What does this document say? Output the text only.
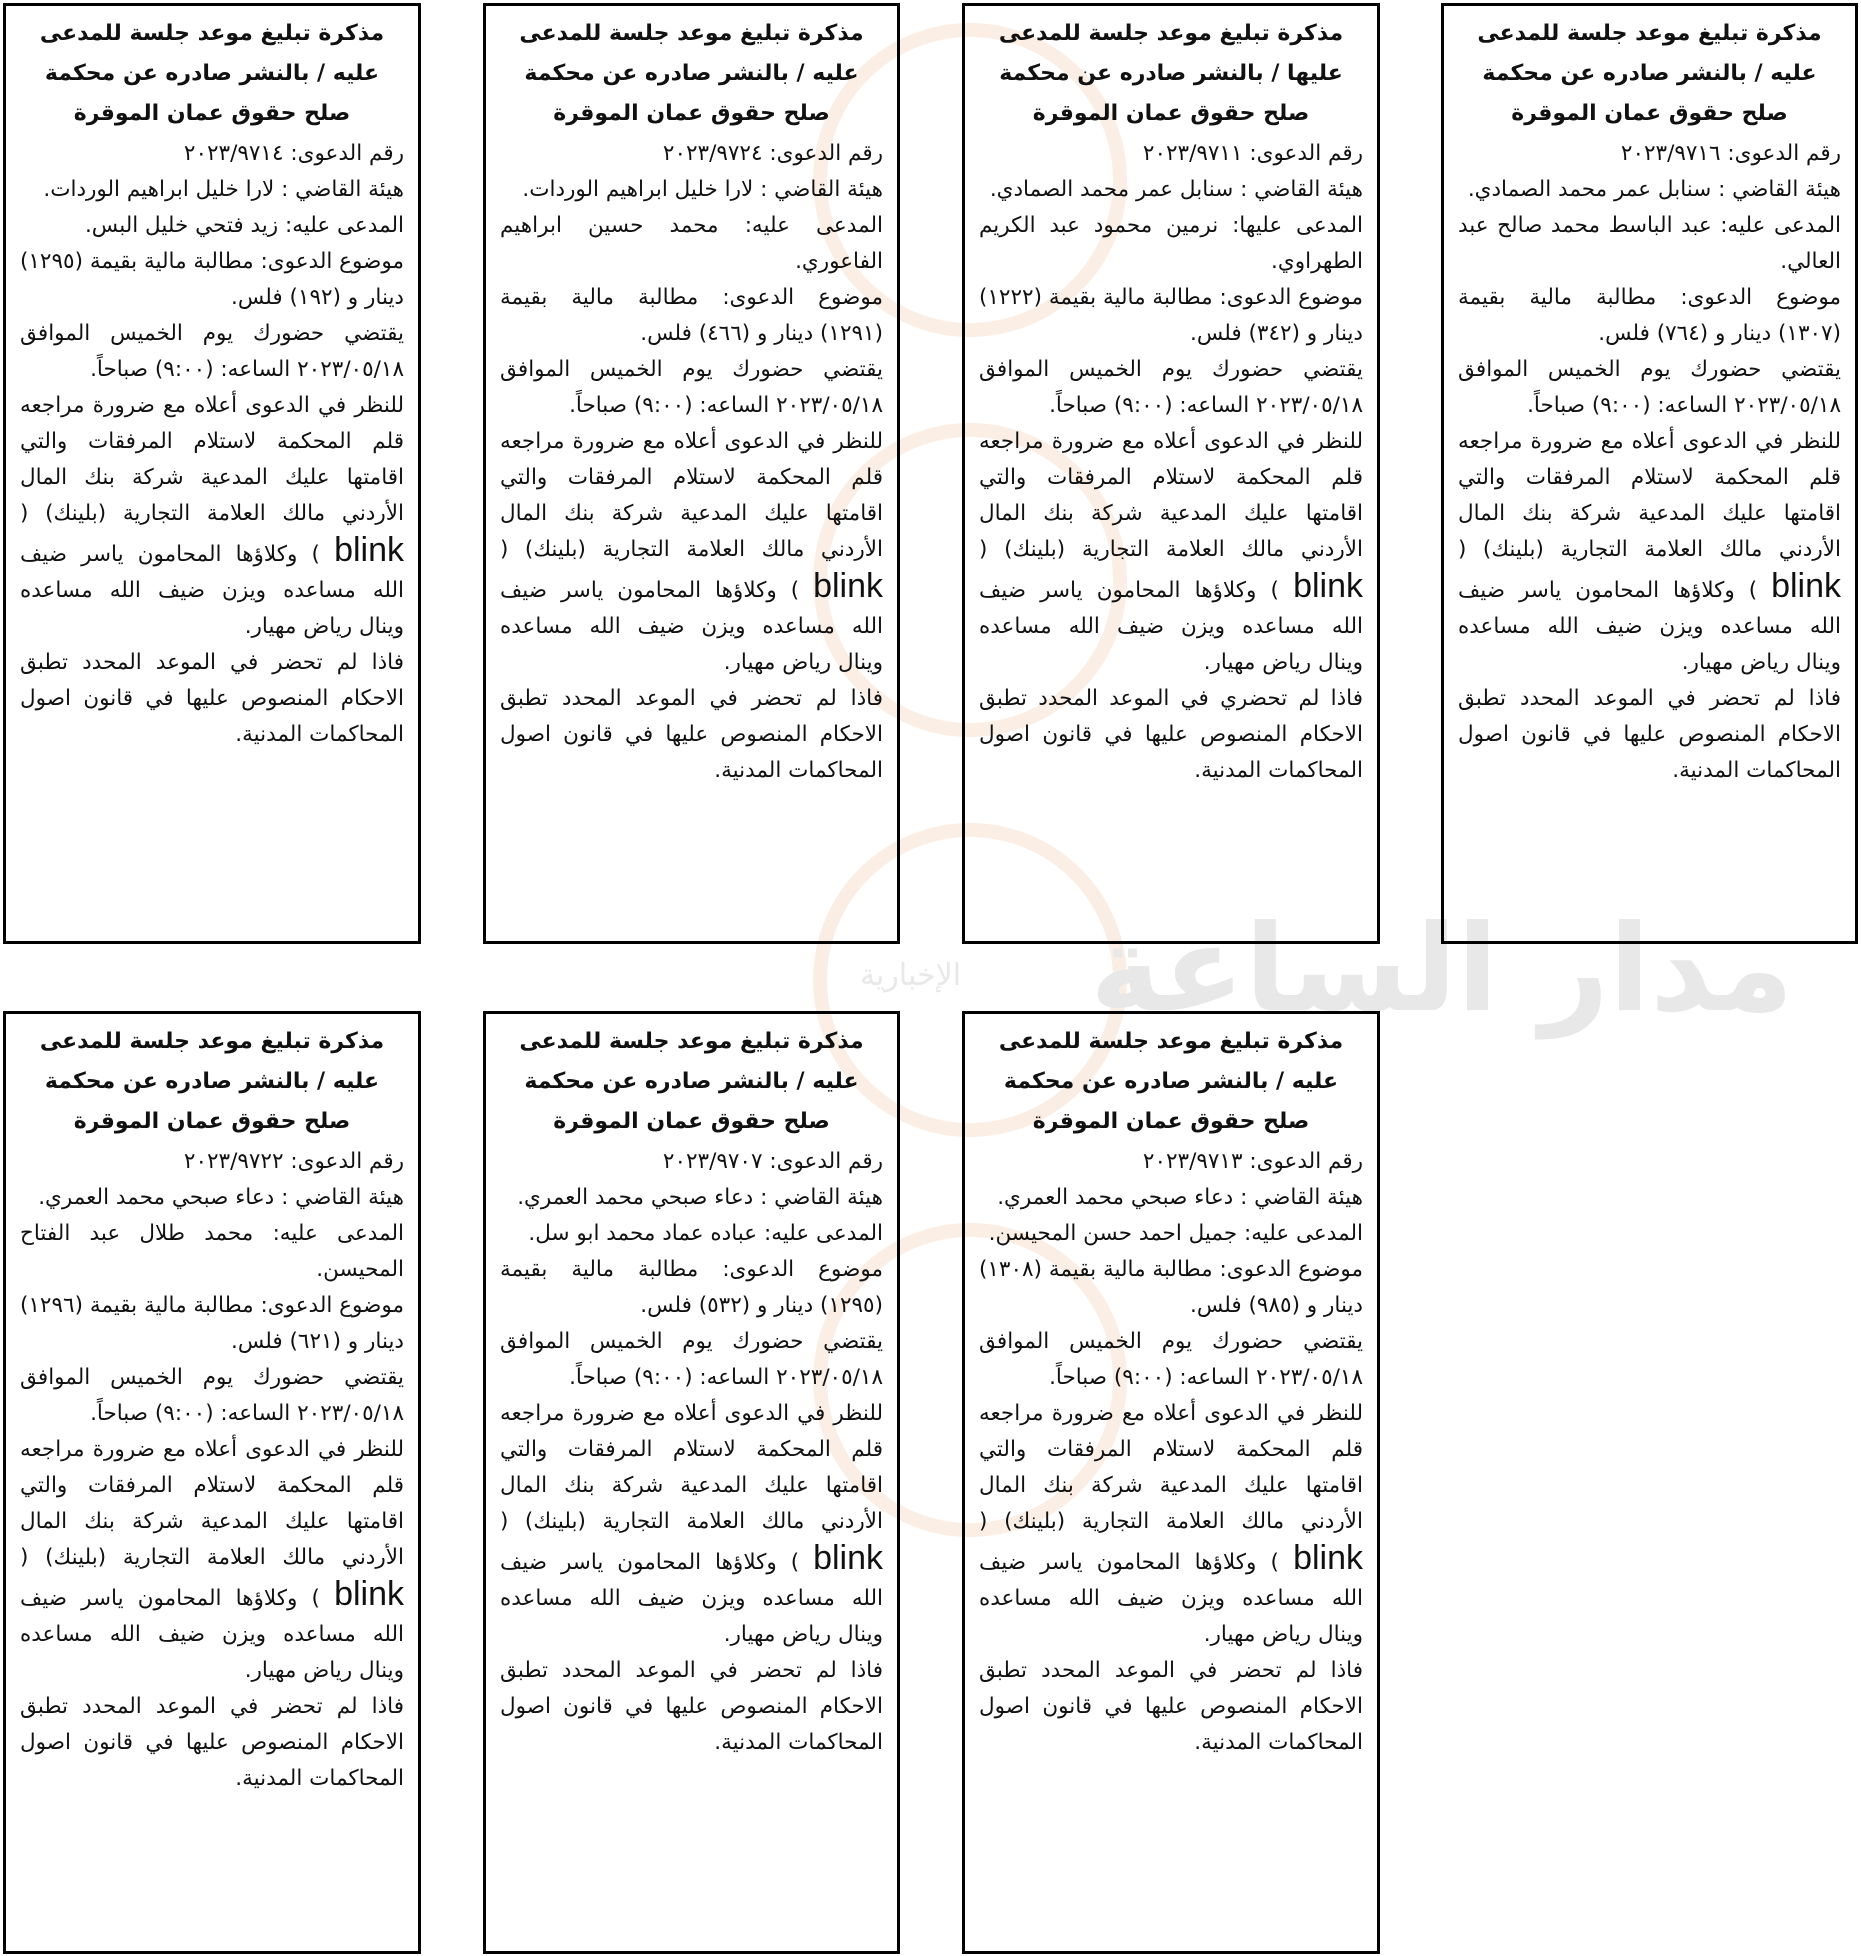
مدار الساعة
الإخبارية
مذكرة تبليغ موعد جلسة للمدعى عليه / بالنشر صادره عن محكمة صلح حقوق عمان الموقرة

رقم الدعوى: ٢٠٢٣/٩٧١٦

هيئة القاضي : سنابل عمر محمد الصمادي.

المدعى عليه: عبد الباسط محمد صالح عبد العالي.

موضوع الدعوى: مطالبة مالية بقيمة (١٣٠٧) دينار و (٧٦٤) فلس.

يقتضي حضورك يوم الخميس الموافق ٢٠٢٣/٠٥/١٨ الساعه: (٩:٠٠) صباحاً.

للنظر في الدعوى أعلاه مع ضرورة مراجعه قلم المحكمة لاستلام المرفقات والتي اقامتها عليك المدعية شركة بنك المال الأردني مالك العلامة التجارية (بلينك) ( blink ) وكلاؤها المحامون ياسر ضيف الله مساعده ويزن ضيف الله مساعده وينال رياض مهيار.

فاذا لم تحضر في الموعد المحدد تطبق الاحكام المنصوص عليها في قانون اصول المحاكمات المدنية.

مذكرة تبليغ موعد جلسة للمدعى عليها / بالنشر صادره عن محكمة صلح حقوق عمان الموقرة

رقم الدعوى: ٢٠٢٣/٩٧١١

هيئة القاضي : سنابل عمر محمد الصمادي.

المدعى عليها: نرمين محمود عبد الكريم الطهراوي.

موضوع الدعوى: مطالبة مالية بقيمة (١٢٢٢) دينار و (٣٤٢) فلس.

يقتضي حضورك يوم الخميس الموافق ٢٠٢٣/٠٥/١٨ الساعه: (٩:٠٠) صباحاً.

للنظر في الدعوى أعلاه مع ضرورة مراجعه قلم المحكمة لاستلام المرفقات والتي اقامتها عليك المدعية شركة بنك المال الأردني مالك العلامة التجارية (بلينك) ( blink ) وكلاؤها المحامون ياسر ضيف الله مساعده ويزن ضيف الله مساعده وينال رياض مهيار.

فاذا لم تحضري في الموعد المحدد تطبق الاحكام المنصوص عليها في قانون اصول المحاكمات المدنية.

مذكرة تبليغ موعد جلسة للمدعى عليه / بالنشر صادره عن محكمة صلح حقوق عمان الموقرة

رقم الدعوى: ٢٠٢٣/٩٧٢٤

هيئة القاضي : لارا خليل ابراهيم الوردات.

المدعى عليه: محمد حسين ابراهيم الفاعوري.

موضوع الدعوى: مطالبة مالية بقيمة (١٢٩١) دينار و (٤٦٦) فلس.

يقتضي حضورك يوم الخميس الموافق ٢٠٢٣/٠٥/١٨ الساعه: (٩:٠٠) صباحاً.

للنظر في الدعوى أعلاه مع ضرورة مراجعه قلم المحكمة لاستلام المرفقات والتي اقامتها عليك المدعية شركة بنك المال الأردني مالك العلامة التجارية (بلينك) ( blink ) وكلاؤها المحامون ياسر ضيف الله مساعده ويزن ضيف الله مساعده وينال رياض مهيار.

فاذا لم تحضر في الموعد المحدد تطبق الاحكام المنصوص عليها في قانون اصول المحاكمات المدنية.

مذكرة تبليغ موعد جلسة للمدعى عليه / بالنشر صادره عن محكمة صلح حقوق عمان الموقرة

رقم الدعوى: ٢٠٢٣/٩٧١٤

هيئة القاضي : لارا خليل ابراهيم الوردات.

المدعى عليه: زيد فتحي خليل البس.

موضوع الدعوى: مطالبة مالية بقيمة (١٢٩٥) دينار و (١٩٢) فلس.

يقتضي حضورك يوم الخميس الموافق ٢٠٢٣/٠٥/١٨ الساعه: (٩:٠٠) صباحاً.

للنظر في الدعوى أعلاه مع ضرورة مراجعه قلم المحكمة لاستلام المرفقات والتي اقامتها عليك المدعية شركة بنك المال الأردني مالك العلامة التجارية (بلينك) ( blink ) وكلاؤها المحامون ياسر ضيف الله مساعده ويزن ضيف الله مساعده وينال رياض مهيار.

فاذا لم تحضر في الموعد المحدد تطبق الاحكام المنصوص عليها في قانون اصول المحاكمات المدنية.

مذكرة تبليغ موعد جلسة للمدعى عليه / بالنشر صادره عن محكمة صلح حقوق عمان الموقرة

رقم الدعوى: ٢٠٢٣/٩٧١٣

هيئة القاضي : دعاء صبحي محمد العمري.

المدعى عليه: جميل احمد حسن المحيسن.

موضوع الدعوى: مطالبة مالية بقيمة (١٣٠٨) دينار و (٩٨٥) فلس.

يقتضي حضورك يوم الخميس الموافق ٢٠٢٣/٠٥/١٨ الساعه: (٩:٠٠) صباحاً.

للنظر في الدعوى أعلاه مع ضرورة مراجعه قلم المحكمة لاستلام المرفقات والتي اقامتها عليك المدعية شركة بنك المال الأردني مالك العلامة التجارية (بلينك) ( blink ) وكلاؤها المحامون ياسر ضيف الله مساعده ويزن ضيف الله مساعده وينال رياض مهيار.

فاذا لم تحضر في الموعد المحدد تطبق الاحكام المنصوص عليها في قانون اصول المحاكمات المدنية.

مذكرة تبليغ موعد جلسة للمدعى عليه / بالنشر صادره عن محكمة صلح حقوق عمان الموقرة

رقم الدعوى: ٢٠٢٣/٩٧٠٧

هيئة القاضي : دعاء صبحي محمد العمري.

المدعى عليه: عباده عماد محمد ابو سل.

موضوع الدعوى: مطالبة مالية بقيمة (١٢٩٥) دينار و (٥٣٢) فلس.

يقتضي حضورك يوم الخميس الموافق ٢٠٢٣/٠٥/١٨ الساعه: (٩:٠٠) صباحاً.

للنظر في الدعوى أعلاه مع ضرورة مراجعه قلم المحكمة لاستلام المرفقات والتي اقامتها عليك المدعية شركة بنك المال الأردني مالك العلامة التجارية (بلينك) ( blink ) وكلاؤها المحامون ياسر ضيف الله مساعده ويزن ضيف الله مساعده وينال رياض مهيار.

فاذا لم تحضر في الموعد المحدد تطبق الاحكام المنصوص عليها في قانون اصول المحاكمات المدنية.

مذكرة تبليغ موعد جلسة للمدعى عليه / بالنشر صادره عن محكمة صلح حقوق عمان الموقرة

رقم الدعوى: ٢٠٢٣/٩٧٢٢

هيئة القاضي : دعاء صبحي محمد العمري.

المدعى عليه: محمد طلال عبد الفتاح المحيسن.

موضوع الدعوى: مطالبة مالية بقيمة (١٢٩٦) دينار و (٦٢١) فلس.

يقتضي حضورك يوم الخميس الموافق ٢٠٢٣/٠٥/١٨ الساعه: (٩:٠٠) صباحاً.

للنظر في الدعوى أعلاه مع ضرورة مراجعه قلم المحكمة لاستلام المرفقات والتي اقامتها عليك المدعية شركة بنك المال الأردني مالك العلامة التجارية (بلينك) ( blink ) وكلاؤها المحامون ياسر ضيف الله مساعده ويزن ضيف الله مساعده وينال رياض مهيار.

فاذا لم تحضر في الموعد المحدد تطبق الاحكام المنصوص عليها في قانون اصول المحاكمات المدنية.
